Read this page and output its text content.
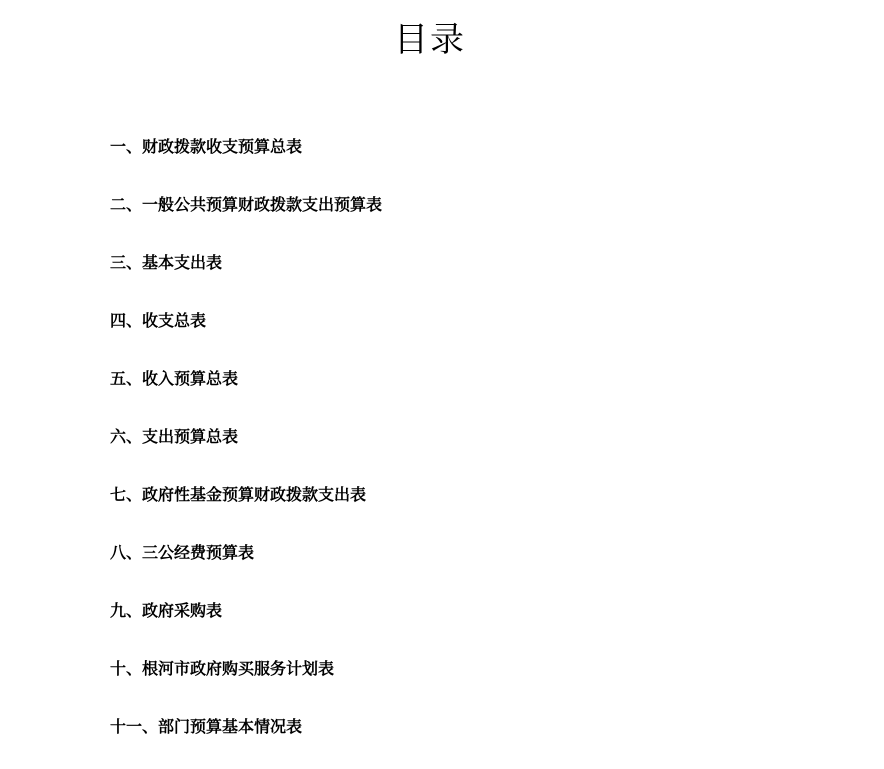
目录
一、财政拨款收支预算总表
二、一般公共预算财政拨款支出预算表
三、基本支出表
四、收支总表
五、收入预算总表
六、支出预算总表
七、政府性基金预算财政拨款支出表
八、三公经费预算表
九、政府采购表
十、根河市政府购买服务计划表
十一、部门预算基本情况表
